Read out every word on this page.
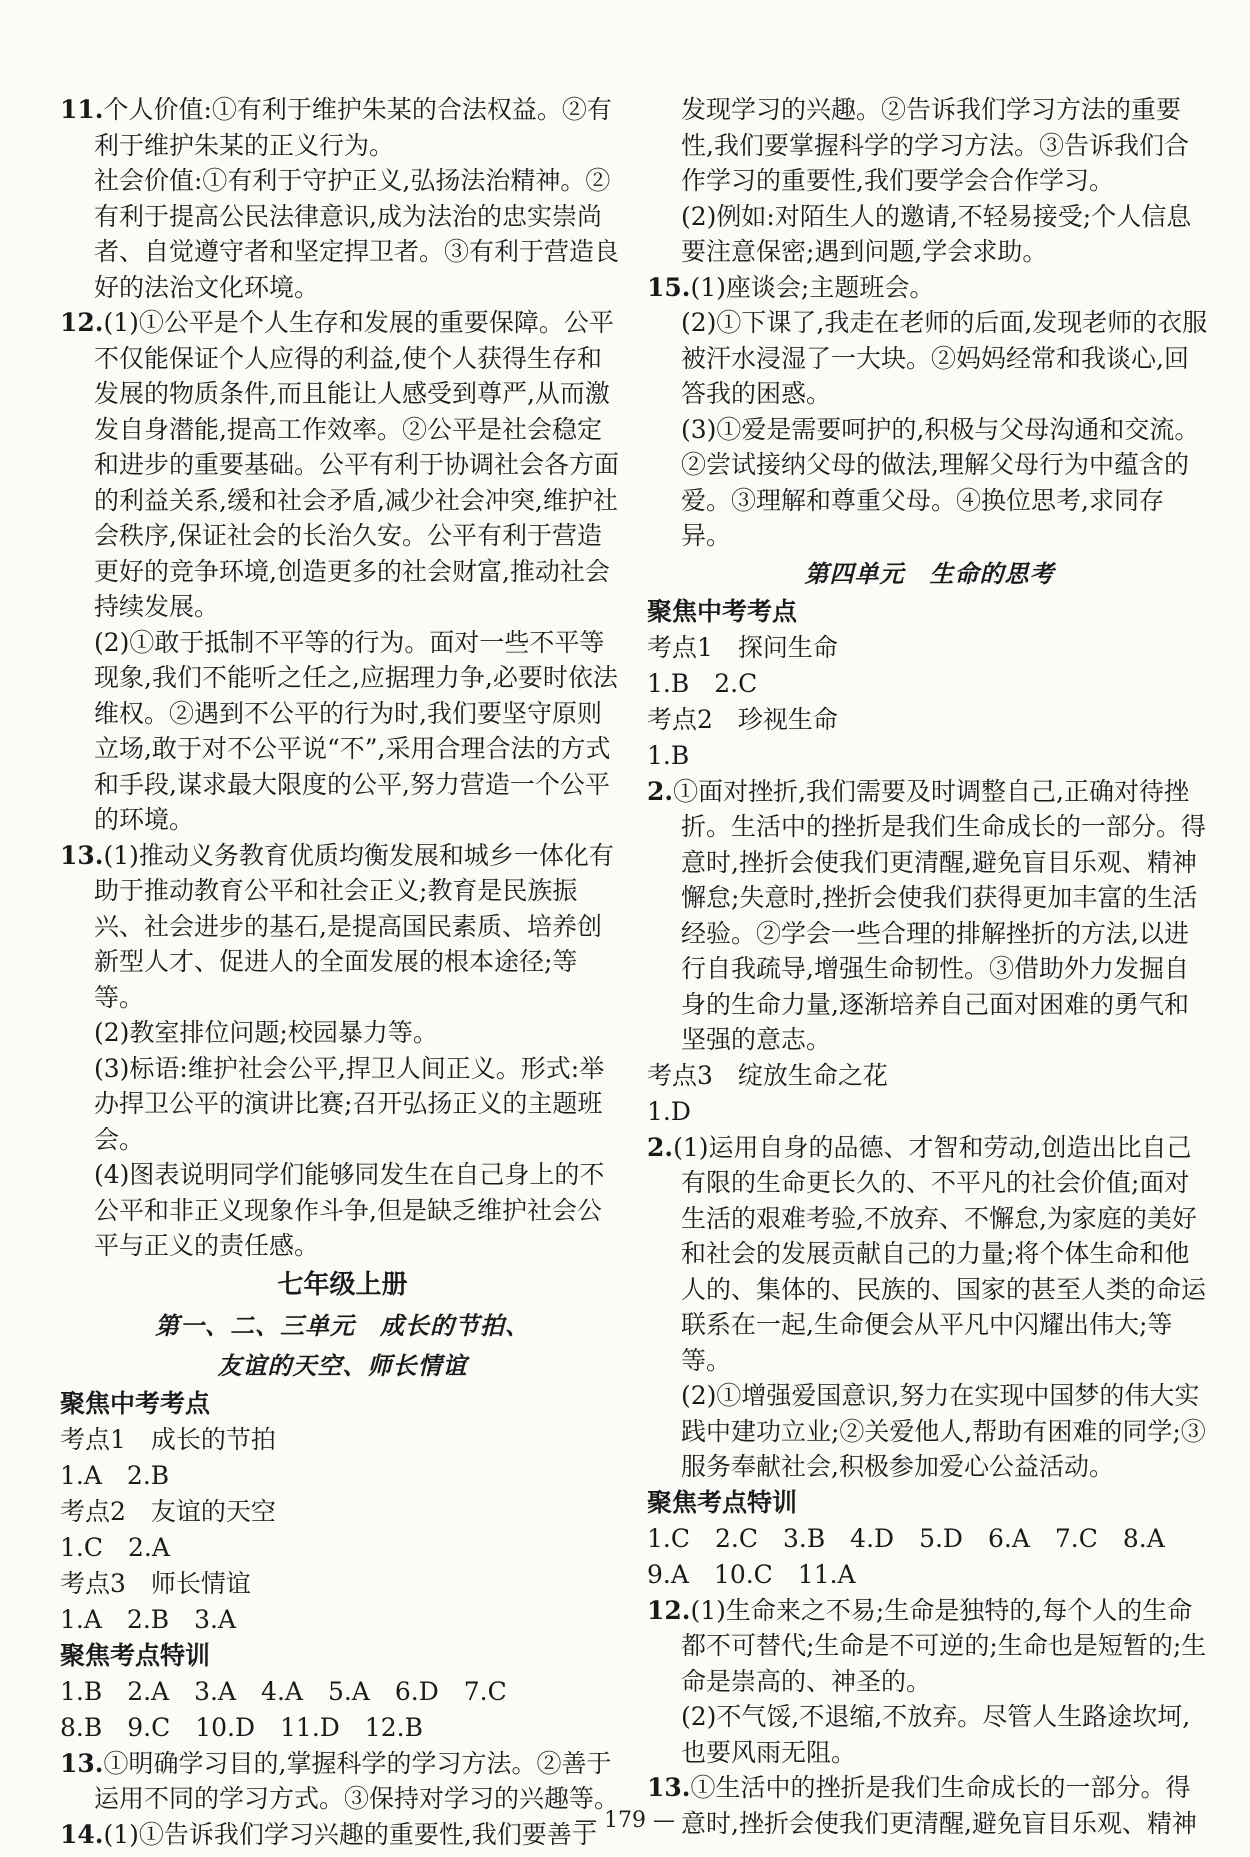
11.个人价值:①有利于维护朱某的合法权益。②有利于维护朱某的正义行为。

社会价值:①有利于守护正义,弘扬法治精神。②有利于提高公民法律意识,成为法治的忠实崇尚者、自觉遵守者和坚定捍卫者。③有利于营造良好的法治文化环境。

12.(1)①公平是个人生存和发展的重要保障。公平不仅能保证个人应得的利益,使个人获得生存和发展的物质条件,而且能让人感受到尊严,从而激发自身潜能,提高工作效率。②公平是社会稳定和进步的重要基础。公平有利于协调社会各方面的利益关系,缓和社会矛盾,减少社会冲突,维护社会秩序,保证社会的长治久安。公平有利于营造更好的竞争环境,创造更多的社会财富,推动社会持续发展。

(2)①敢于抵制不平等的行为。面对一些不平等现象,我们不能听之任之,应据理力争,必要时依法维权。②遇到不公平的行为时,我们要坚守原则立场,敢于对不公平说“不”,采用合理合法的方式和手段,谋求最大限度的公平,努力营造一个公平的环境。

13.(1)推动义务教育优质均衡发展和城乡一体化有助于推动教育公平和社会正义;教育是民族振兴、社会进步的基石,是提高国民素质、培养创新型人才、促进人的全面发展的根本途径;等等。

(2)教室排位问题;校园暴力等。

(3)标语:维护社会公平,捍卫人间正义。形式:举办捍卫公平的演讲比赛;召开弘扬正义的主题班会。

(4)图表说明同学们能够同发生在自己身上的不公平和非正义现象作斗争,但是缺乏维护社会公平与正义的责任感。

七年级上册

第一、二、三单元　成长的节拍、

友谊的天空、师长情谊

聚焦中考考点

考点1　成长的节拍

1.A　2.B

考点2　友谊的天空

1.C　2.A

考点3　师长情谊

1.A　2.B　3.A

聚焦考点特训

1.B　2.A　3.A　4.A　5.A　6.D　7.C

8.B　9.C　10.D　11.D　12.B

13.①明确学习目的,掌握科学的学习方法。②善于运用不同的学习方式。③保持对学习的兴趣等。

14.(1)①告诉我们学习兴趣的重要性,我们要善于

发现学习的兴趣。②告诉我们学习方法的重要性,我们要掌握科学的学习方法。③告诉我们合作学习的重要性,我们要学会合作学习。

(2)例如:对陌生人的邀请,不轻易接受;个人信息要注意保密;遇到问题,学会求助。

15.(1)座谈会;主题班会。

(2)①下课了,我走在老师的后面,发现老师的衣服被汗水浸湿了一大块。②妈妈经常和我谈心,回答我的困惑。

(3)①爱是需要呵护的,积极与父母沟通和交流。②尝试接纳父母的做法,理解父母行为中蕴含的爱。③理解和尊重父母。④换位思考,求同存异。

第四单元　生命的思考

聚焦中考考点

考点1　探问生命

1.B　2.C

考点2　珍视生命

1.B

2.①面对挫折,我们需要及时调整自己,正确对待挫折。生活中的挫折是我们生命成长的一部分。得意时,挫折会使我们更清醒,避免盲目乐观、精神懈怠;失意时,挫折会使我们获得更加丰富的生活经验。②学会一些合理的排解挫折的方法,以进行自我疏导,增强生命韧性。③借助外力发掘自身的生命力量,逐渐培养自己面对困难的勇气和坚强的意志。

考点3　绽放生命之花

1.D

2.(1)运用自身的品德、才智和劳动,创造出比自己有限的生命更长久的、不平凡的社会价值;面对生活的艰难考验,不放弃、不懈怠,为家庭的美好和社会的发展贡献自己的力量;将个体生命和他人的、集体的、民族的、国家的甚至人类的命运联系在一起,生命便会从平凡中闪耀出伟大;等等。

(2)①增强爱国意识,努力在实现中国梦的伟大实践中建功立业;②关爱他人,帮助有困难的同学;③服务奉献社会,积极参加爱心公益活动。

聚焦考点特训

1.C　2.C　3.B　4.D　5.D　6.A　7.C　8.A

9.A　10.C　11.A

12.(1)生命来之不易;生命是独特的,每个人的生命都不可替代;生命是不可逆的;生命也是短暂的;生命是崇高的、神圣的。

(2)不气馁,不退缩,不放弃。尽管人生路途坎坷,也要风雨无阻。

13.①生活中的挫折是我们生命成长的一部分。得意时,挫折会使我们更清醒,避免盲目乐观、精神

— 179 —
